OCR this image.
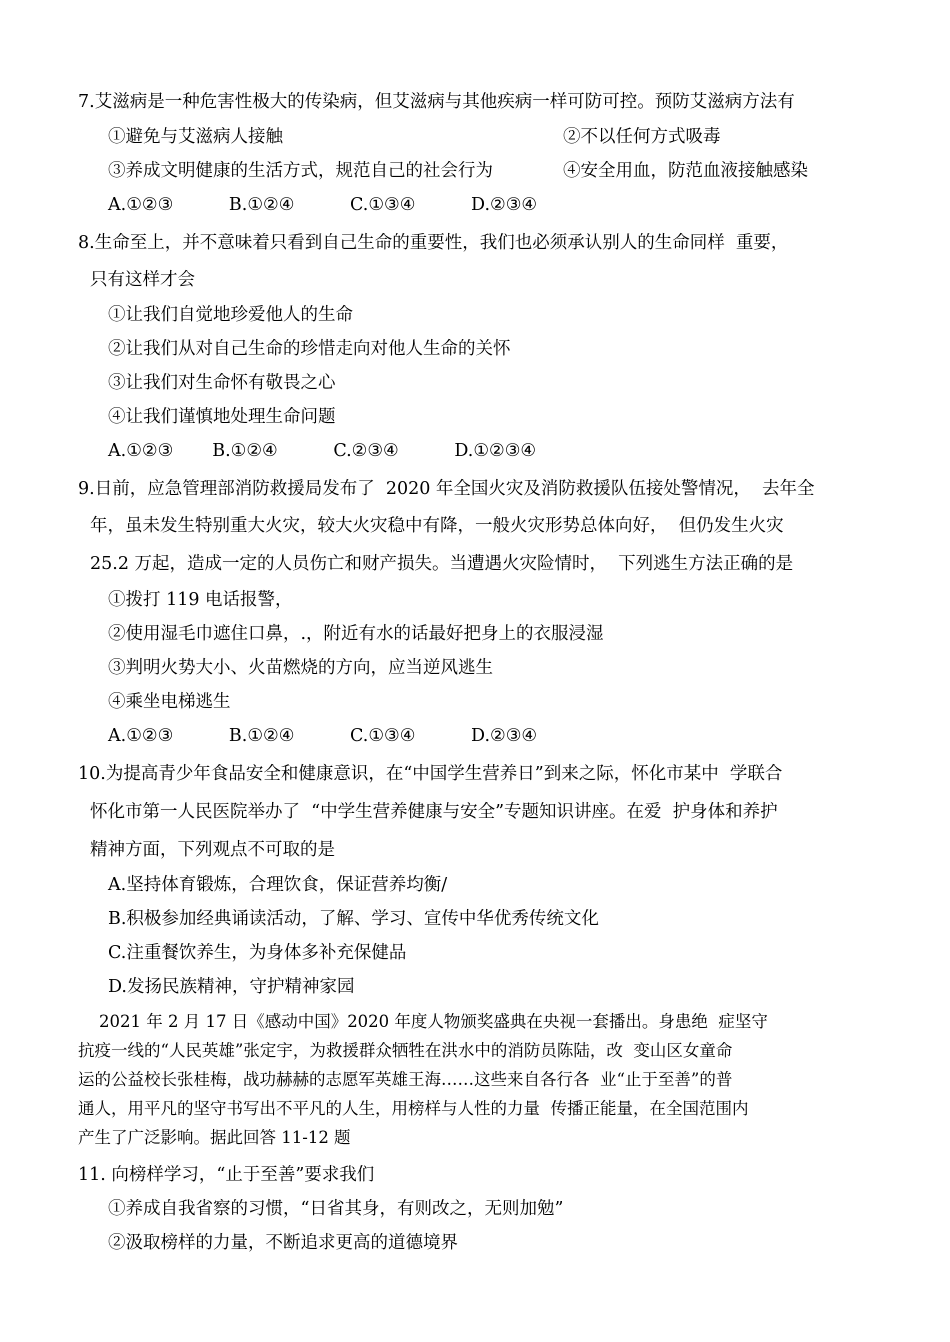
7.艾滋病是一种危害性极大的传染病，但艾滋病与其他疾病一样可防可控。预防艾滋病方法有
①避免与艾滋病人接触	②不以任何方式吸毒
③养成文明健康的生活方式，规范自己的社会行为	④安全用血，防范血液接触感染
A.①②③          B.①②④          C.①③④          D.②③④
8.生命至上，并不意味着只看到自己生命的重要性，我们也必须承认别人的生命同样  重要，
只有这样才会
①让我们自觉地珍爱他人的生命
②让我们从对自己生命的珍惜走向对他人生命的关怀
③让我们对生命怀有敬畏之心
④让我们谨慎地处理生命问题
A.①②③       B.①②④          C.②③④          D.①②③④
9.日前，应急管理部消防救援局发布了  2020 年全国火灾及消防救援队伍接处警情况，  去年全
年，虽未发生特别重大火灾，较大火灾稳中有降，一般火灾形势总体向好，  但仍发生火灾
25.2 万起，造成一定的人员伤亡和财产损失。当遭遇火灾险情时，  下列逃生方法正确的是
①拨打 119 电话报警，
②使用湿毛巾遮住口鼻，.，附近有水的话最好把身上的衣服浸湿
③判明火势大小、火苗燃烧的方向，应当逆风逃生
④乘坐电梯逃生
A.①②③          B.①②④          C.①③④          D.②③④
10.为提高青少年食品安全和健康意识，在“中国学生营养日”到来之际，怀化市某中  学联合
怀化市第一人民医院举办了  “中学生营养健康与安全”专题知识讲座。在爱  护身体和养护
精神方面，下列观点不可取的是
A.坚持体育锻炼，合理饮食，保证营养均衡/
B.积极参加经典诵读活动，了解、学习、宣传中华优秀传统文化
C.注重餐饮养生，为身体多补充保健品
D.发扬民族精神，守护精神家园
2021 年 2 月 17 日《感动中国》2020 年度人物颁奖盛典在央视一套播出。身患绝  症坚守
抗疫一线的“人民英雄”张定宇，为救援群众牺牲在洪水中的消防员陈陆，改  变山区女童命
运的公益校长张桂梅，战功赫赫的志愿军英雄王海……这些来自各行各  业“止于至善”的普
通人，用平凡的坚守书写出不平凡的人生，用榜样与人性的力量  传播正能量，在全国范围内
产生了广泛影响。据此回答 11-12 题
11. 向榜样学习，“止于至善”要求我们
①养成自我省察的习惯，“日省其身，有则改之，无则加勉”
②汲取榜样的力量，不断追求更高的道德境界
